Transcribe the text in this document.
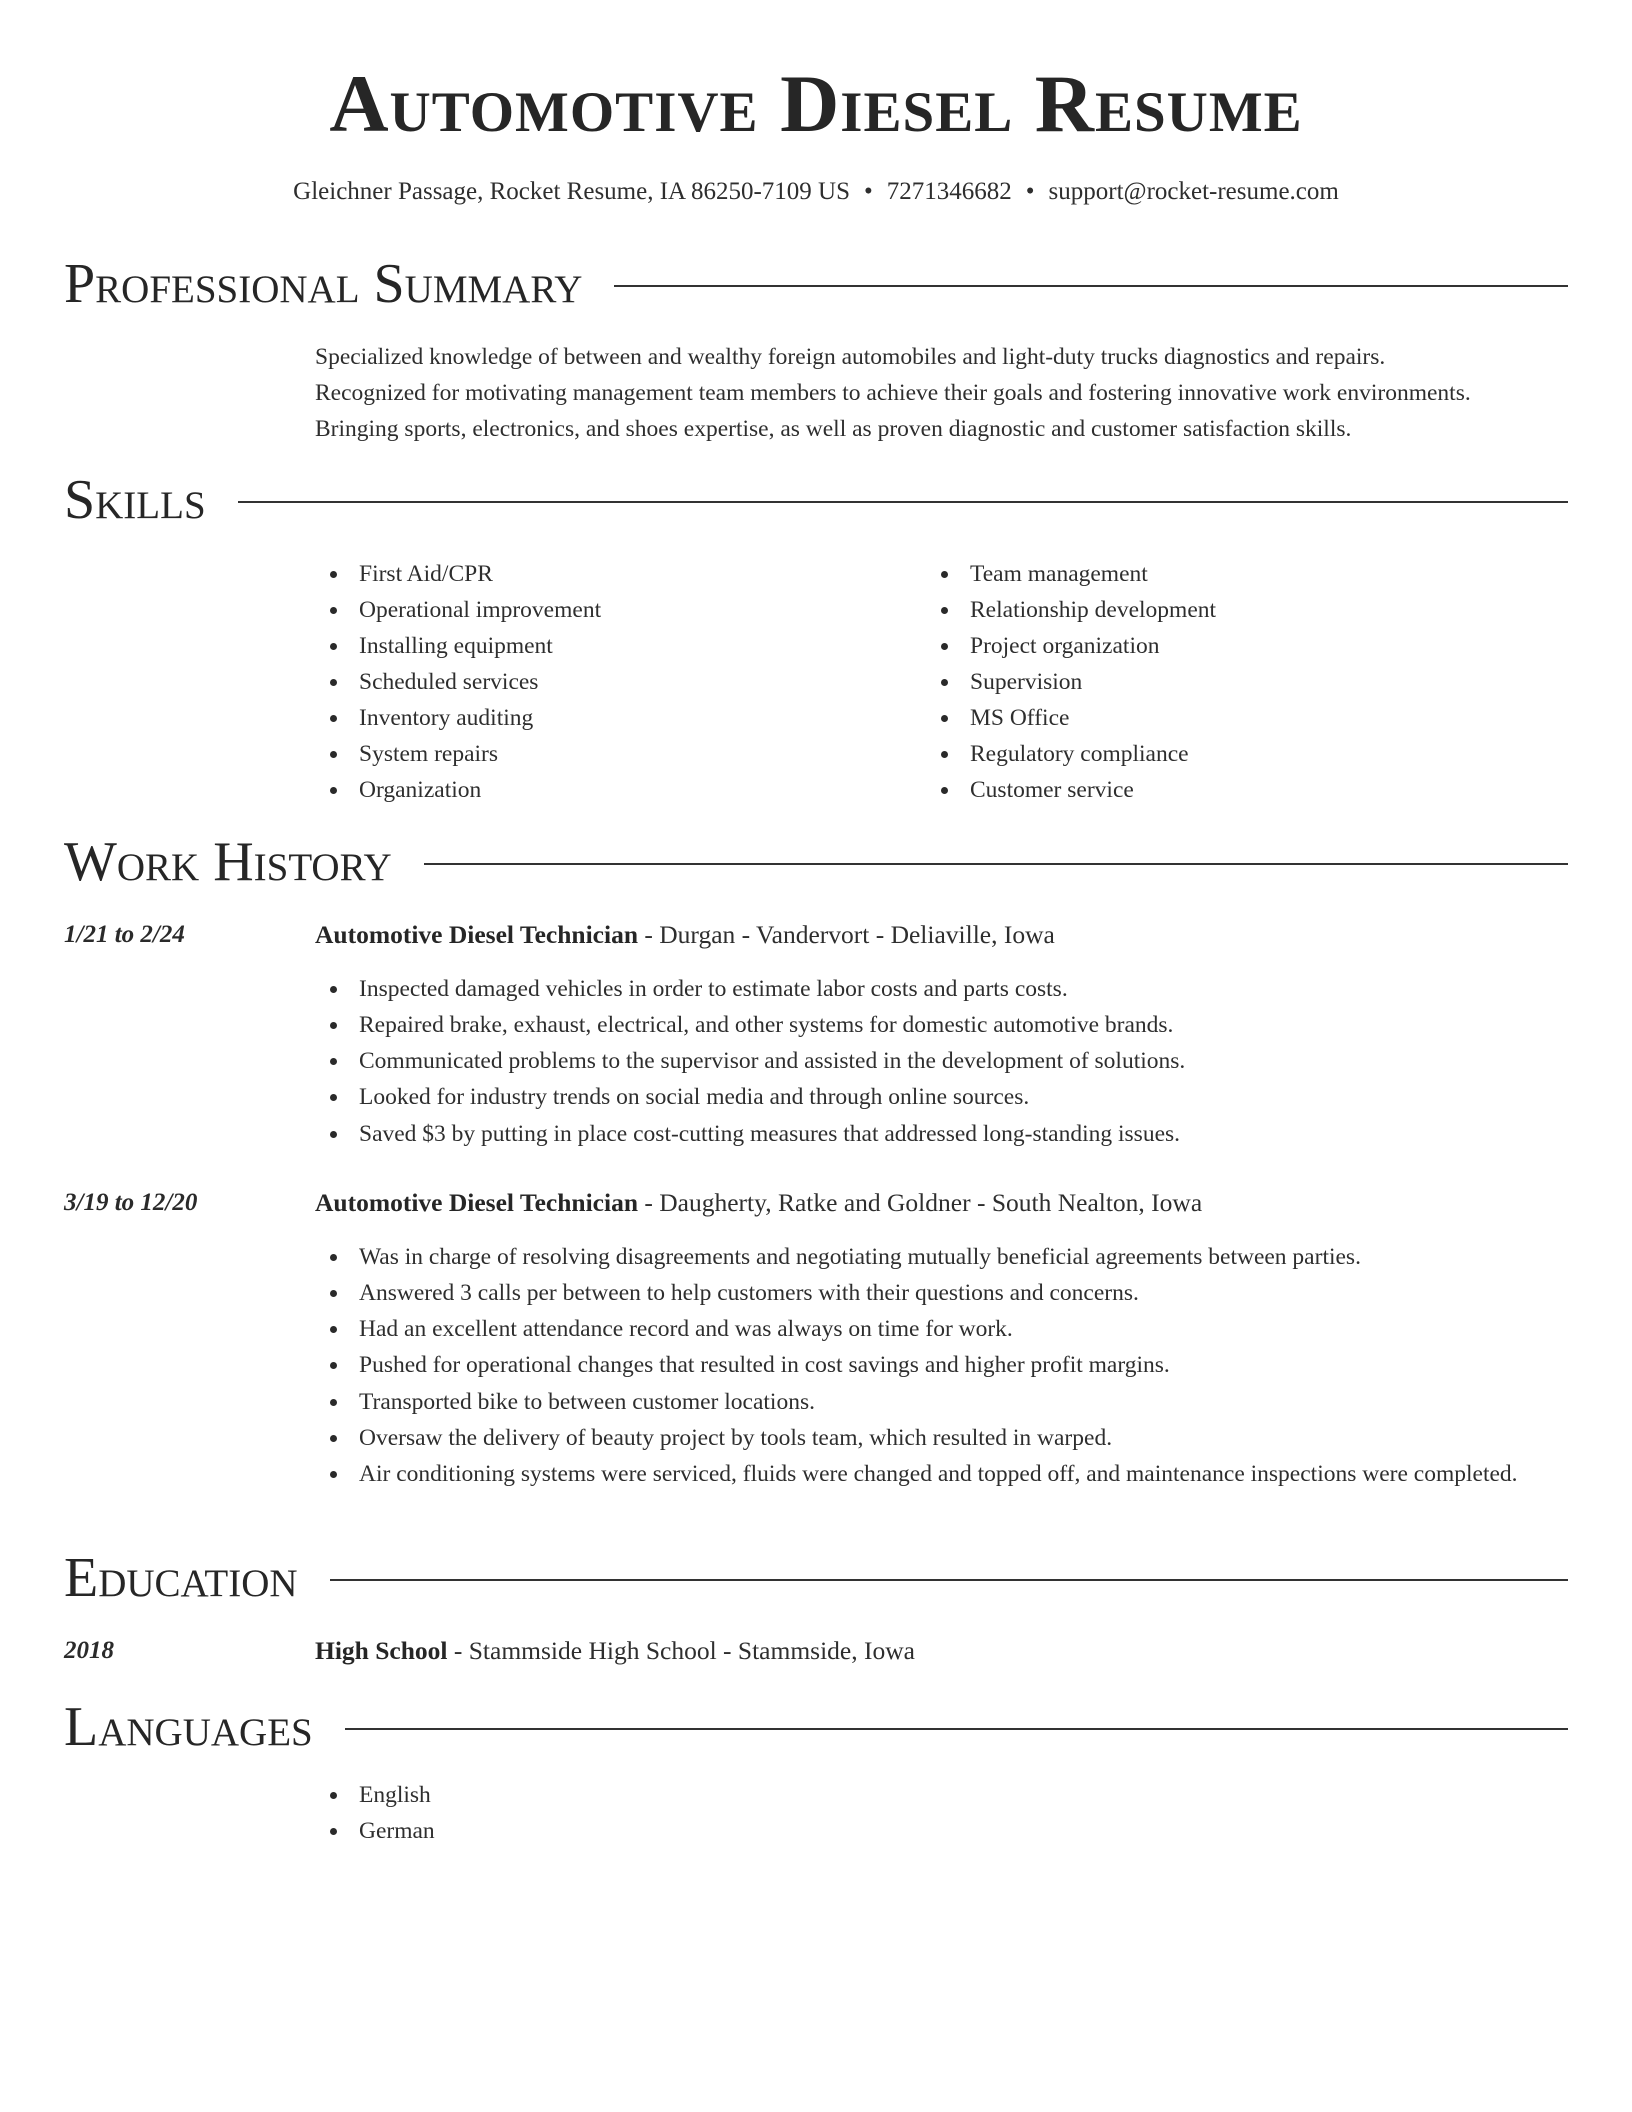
Automotive Diesel Resume
Gleichner Passage, Rocket Resume, IA 86250-7109 US • 7271346682 • support@rocket-resume.com
Professional Summary
Specialized knowledge of between and wealthy foreign automobiles and light-duty trucks diagnostics and repairs.
Recognized for motivating management team members to achieve their goals and fostering innovative work environments.
Bringing sports, electronics, and shoes expertise, as well as proven diagnostic and customer satisfaction skills.
Skills
First Aid/CPR
Operational improvement
Installing equipment
Scheduled services
Inventory auditing
System repairs
Organization
Team management
Relationship development
Project organization
Supervision
MS Office
Regulatory compliance
Customer service
Work History
1/21 to 2/24	Automotive Diesel Technician - Durgan - Vandervort - Deliaville, Iowa
Inspected damaged vehicles in order to estimate labor costs and parts costs.
Repaired brake, exhaust, electrical, and other systems for domestic automotive brands.
Communicated problems to the supervisor and assisted in the development of solutions.
Looked for industry trends on social media and through online sources.
Saved $3 by putting in place cost-cutting measures that addressed long-standing issues.
3/19 to 12/20	Automotive Diesel Technician - Daugherty, Ratke and Goldner - South Nealton, Iowa
Was in charge of resolving disagreements and negotiating mutually beneficial agreements between parties.
Answered 3 calls per between to help customers with their questions and concerns.
Had an excellent attendance record and was always on time for work.
Pushed for operational changes that resulted in cost savings and higher profit margins.
Transported bike to between customer locations.
Oversaw the delivery of beauty project by tools team, which resulted in warped.
Air conditioning systems were serviced, fluids were changed and topped off, and maintenance inspections were completed.
Education
2018	High School - Stammside High School - Stammside, Iowa
Languages
English
German
